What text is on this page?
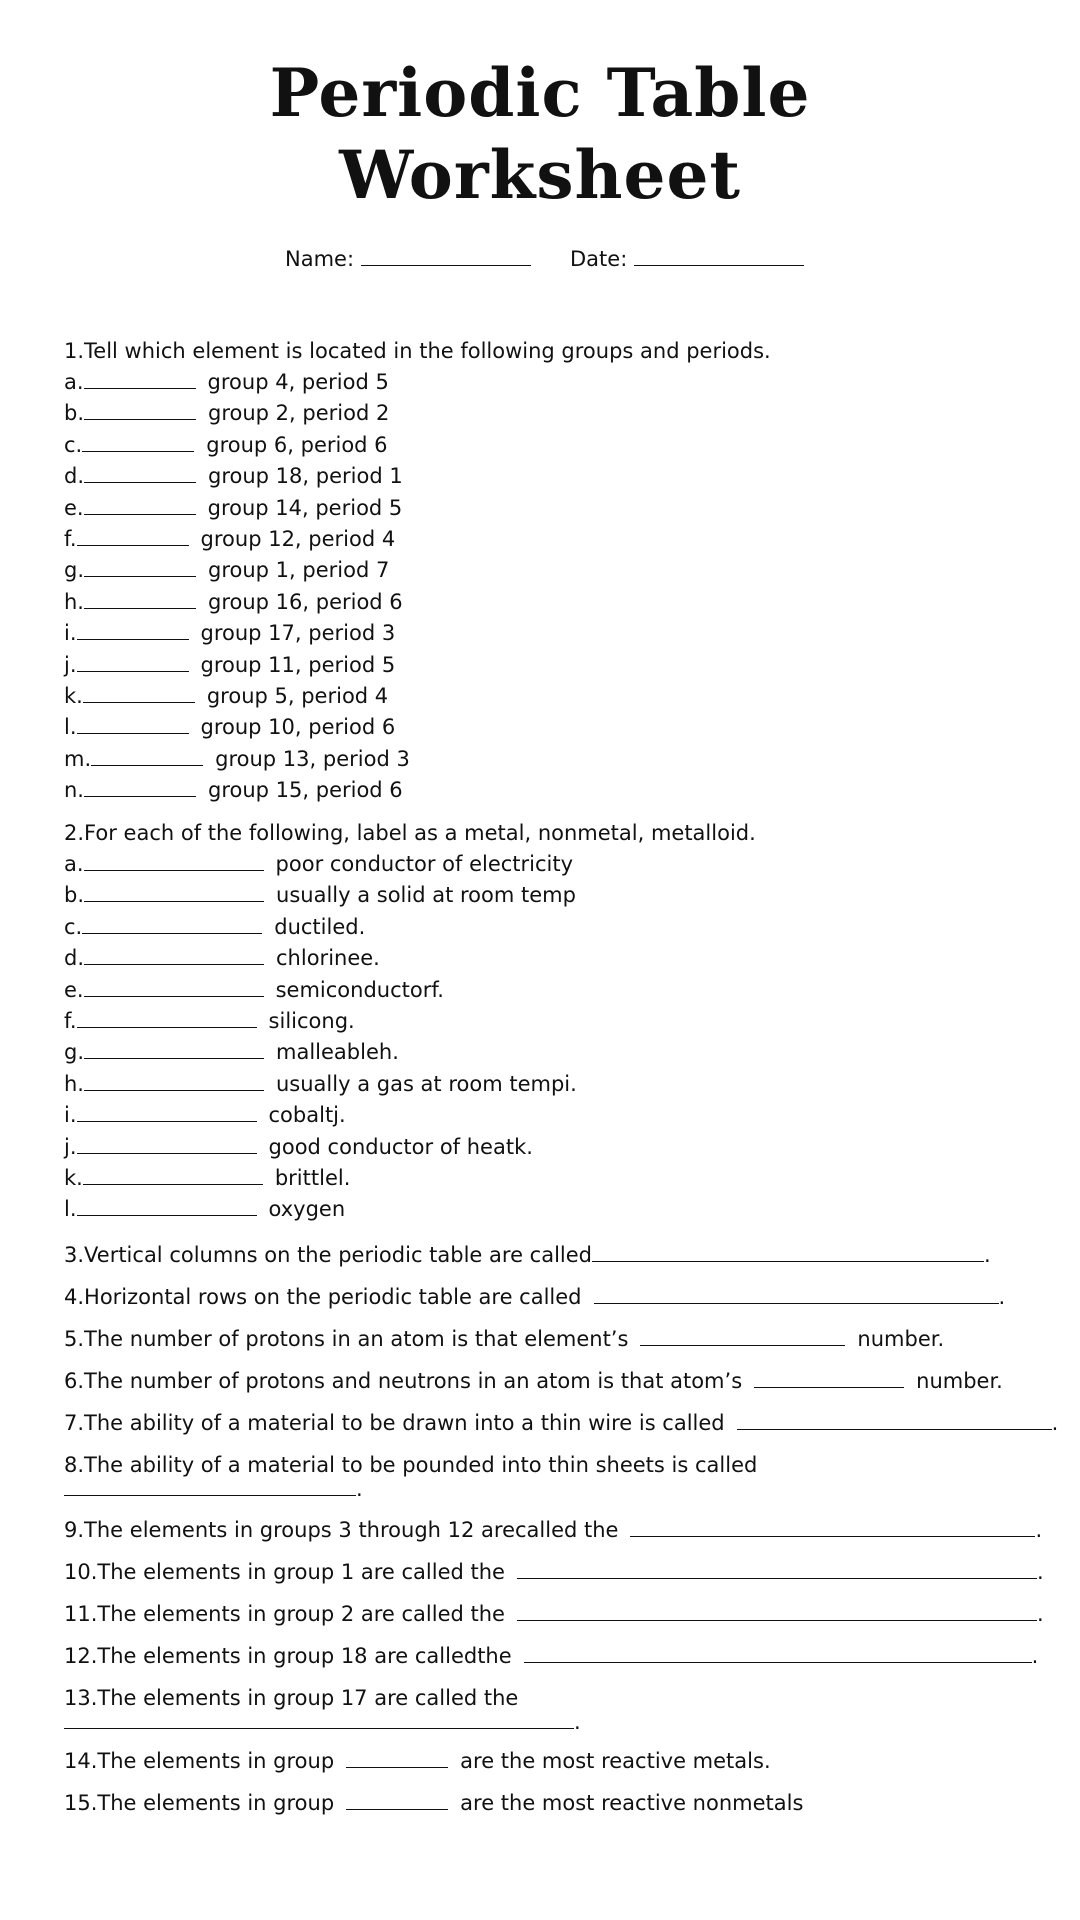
Periodic Table
Worksheet
Name:	Date:
1.Tell which element is located in the following groups and periods.
a.	group 4, period 5
b.	group 2, period 2
c.	group 6, period 6
d.	group 18, period 1
e.	group 14, period 5
f.	group 12, period 4
g.	group 1, period 7
h.	group 16, period 6
i.	group 17, period 3
j.	group 11, period 5
k.	group 5, period 4
l.	group 10, period 6
m.	group 13, period 3
n.	group 15, period 6
2.For each of the following, label as a metal, nonmetal, metalloid.
a.	poor conductor of electricity
b.	usually a solid at room temp
c.	ductiled.
d.	chlorinee.
e.	semiconductorf.
f.	silicong.
g.	malleableh.
h.	usually a gas at room tempi.
i.	cobaltj.
j.	good conductor of heatk.
k.	brittlel.
l.	oxygen
3.Vertical columns on the periodic table are called	.
4.Horizontal rows on the periodic table are called	.
5.The number of protons in an atom is that element’s	number.
6.The number of protons and neutrons in an atom is that atom’s	number.
7.The ability of a material to be drawn into a thin wire is called	.
8.The ability of a material to be pounded into thin sheets is called
.
9.The elements in groups 3 through 12 arecalled the	.
10.The elements in group 1 are called the	.
11.The elements in group 2 are called the	.
12.The elements in group 18 are calledthe	.
13.The elements in group 17 are called the
.
14.The elements in group	are the most reactive metals.
15.The elements in group	are the most reactive nonmetals
